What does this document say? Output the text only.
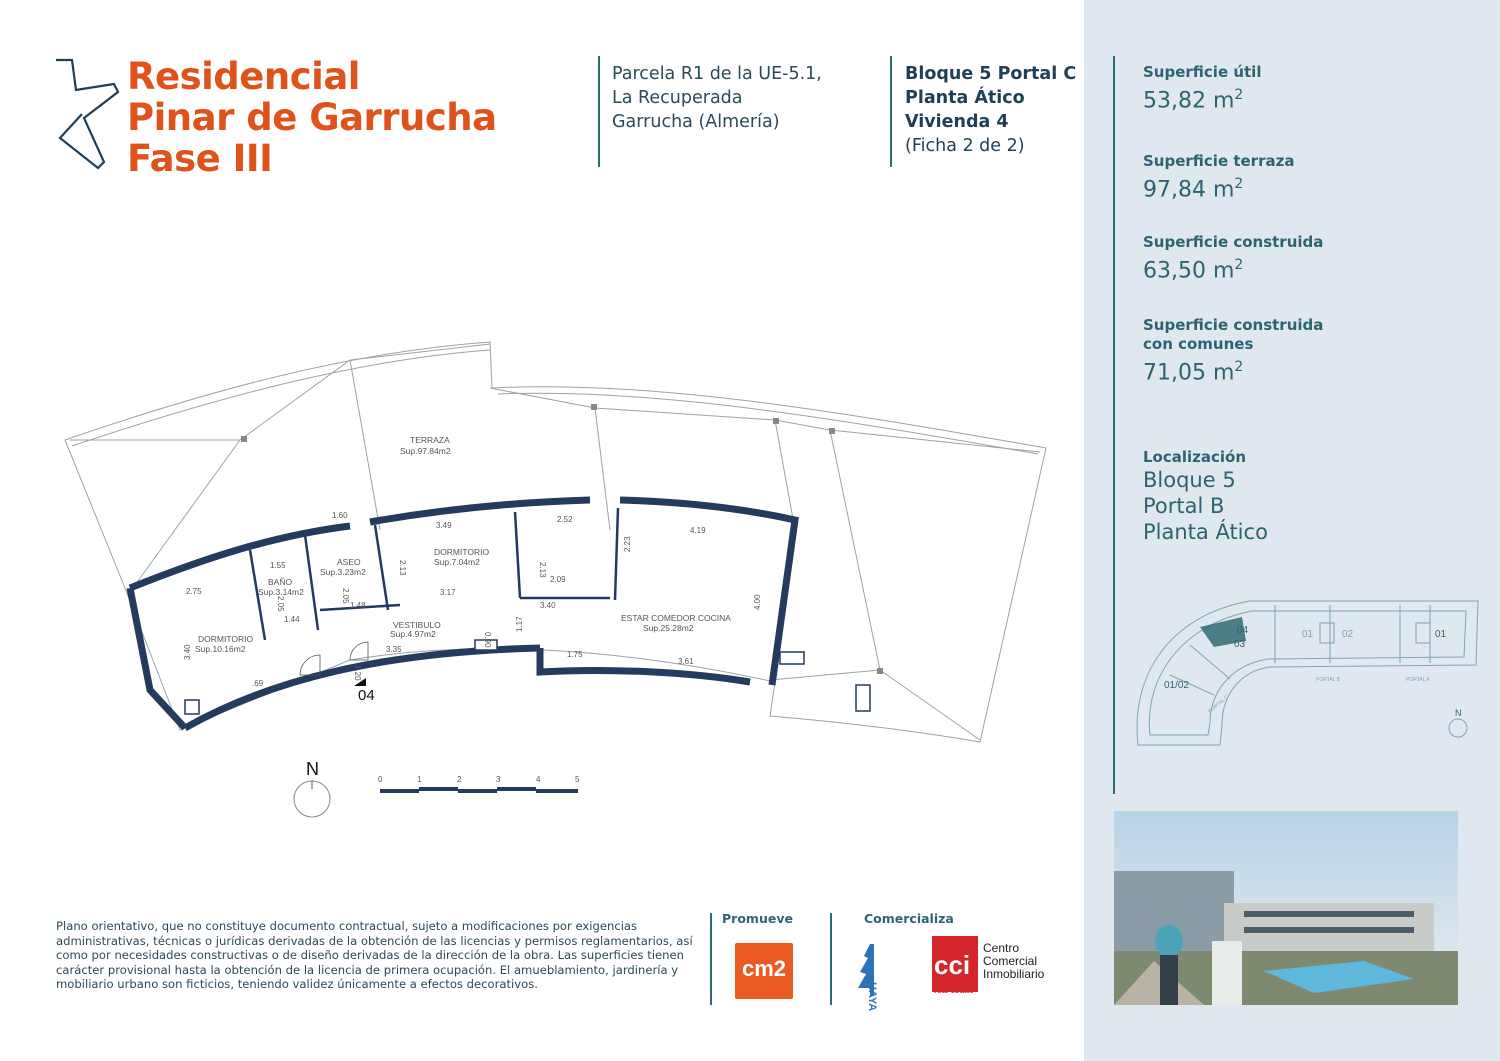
Residencial
Pinar de Garrucha
Fase III
Parcela R1 de la UE-5.1,
La Recuperada
Garrucha (Almería)
Bloque 5 Portal C
Planta Ático
Vivienda 4
(Ficha 2 de 2)
Superficie útil
53,82 $m^2$
Superficie terraza
97,84 $m^2$
Superficie construida
63,50 $m^2$
Superficie construida
con comunes
71,05 $m^2$
Localización
Bloque 5
Portal B
Planta Ático
04
03
01/02
01
02
01
PORTAL C
PORTAL B	PORTAL A
N
TERRAZA
Sup.97.84m2
DORMITORIO
Sup.7.04m2
ASEO
Sup.3.23m2
BAÑO
Sup.3.14m2
DORMITORIO
Sup.10.16m2
VESTIBULO
Sup.4.97m2
ESTAR COMEDOR COCINA
Sup.25.28m2
3.49
2.52
4.19
1.60
1.55
2.75
2.09
3.17
3.40
1.48
1.44
3.35
1.75
3.61
.69
3.40
4.00
2.13
2.23
0.90
1.17
1.20
2.05
2.13
2.05
04
N
0	1	2	3	4	5
Plano orientativo, que no constituye documento contractual, sujeto a modificaciones por exigencias administrativas, técnicas o jurídicas derivadas de la obtención de las licencias y permisos reglamentarios, así como por necesidades constructivas o de diseño derivadas de la dirección de la obra. Las superficies tienen carácter provisional hasta la obtención de la licencia de primera ocupación. El amueblamiento, jardinería y mobiliario urbano son ficticios, teniendo validez únicamente a efectos decorativos.
Promueve	Comercializa
cm2
HAYA
cci
Centro
Comercial
Inmobiliario
real estate
